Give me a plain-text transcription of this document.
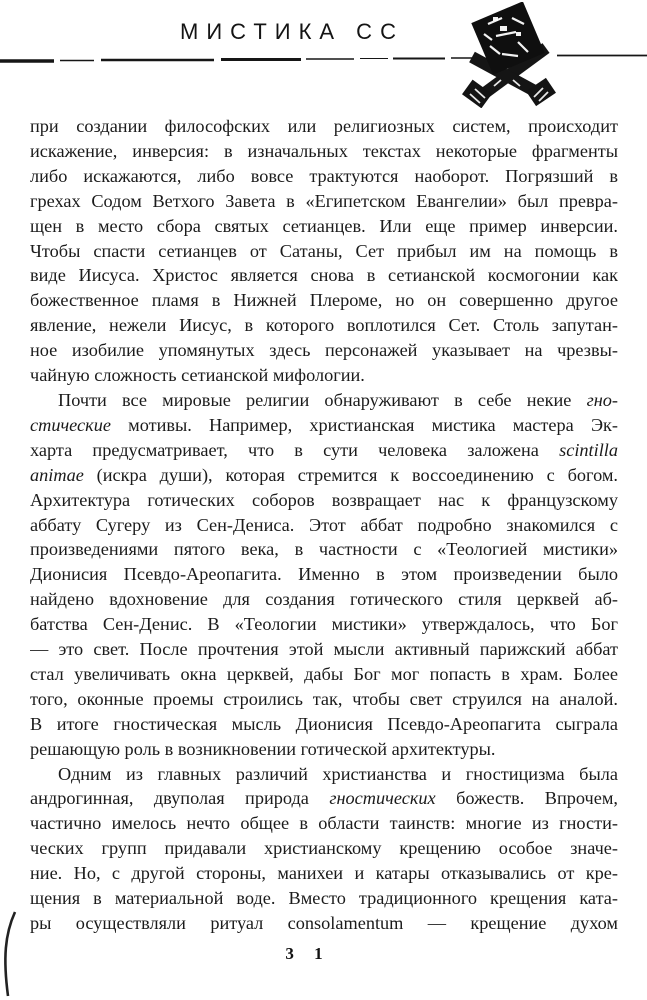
МИСТИКА СС
при создании философских или религиозных систем, происходит
искажение, инверсия: в изначальных текстах некоторые фрагменты
либо искажаются, либо вовсе трактуются наоборот. Погрязший в
грехах Содом Ветхого Завета в «Египетском Евангелии» был превра-
щен в место сбора святых сетианцев. Или еще пример инверсии.
Чтобы спасти сетианцев от Сатаны, Сет прибыл им на помощь в
виде Иисуса. Христос является снова в сетианской космогонии как
божественное пламя в Нижней Плероме, но он совершенно другое
явление, нежели Иисус, в которого воплотился Сет. Столь запутан-
ное изобилие упомянутых здесь персонажей указывает на чрезвы-
чайную сложность сетианской мифологии.
Почти все мировые религии обнаруживают в себе некие гно-
стические мотивы. Например, христианская мистика мастера Эк-
харта предусматривает, что в сути человека заложена scintilla
animae (искра души), которая стремится к воссоединению с богом.
Архитектура готических соборов возвращает нас к французскому
аббату Сугеру из Сен-Дениса. Этот аббат подробно знакомился с
произведениями пятого века, в частности с «Теологией мистики»
Дионисия Псевдо-Ареопагита. Именно в этом произведении было
найдено вдохновение для создания готического стиля церквей аб-
батства Сен-Денис. В «Теологии мистики» утверждалось, что Бог
— это свет. После прочтения этой мысли активный парижский аббат
стал увеличивать окна церквей, дабы Бог мог попасть в храм. Более
того, оконные проемы строились так, чтобы свет струился на аналой.
В итоге гностическая мысль Дионисия Псевдо-Ареопагита сыграла
решающую роль в возникновении готической архитектуры.
Одним из главных различий христианства и гностицизма была
андрогинная, двуполая природа гностических божеств. Впрочем,
частично имелось нечто общее в области таинств: многие из гности-
ческих групп придавали христианскому крещению особое значе-
ние. Но, с другой стороны, манихеи и катары отказывались от кре-
щения в материальной воде. Вместо традиционного крещения ката-
ры осуществляли ритуал consolamentum — крещение духом
3 1
